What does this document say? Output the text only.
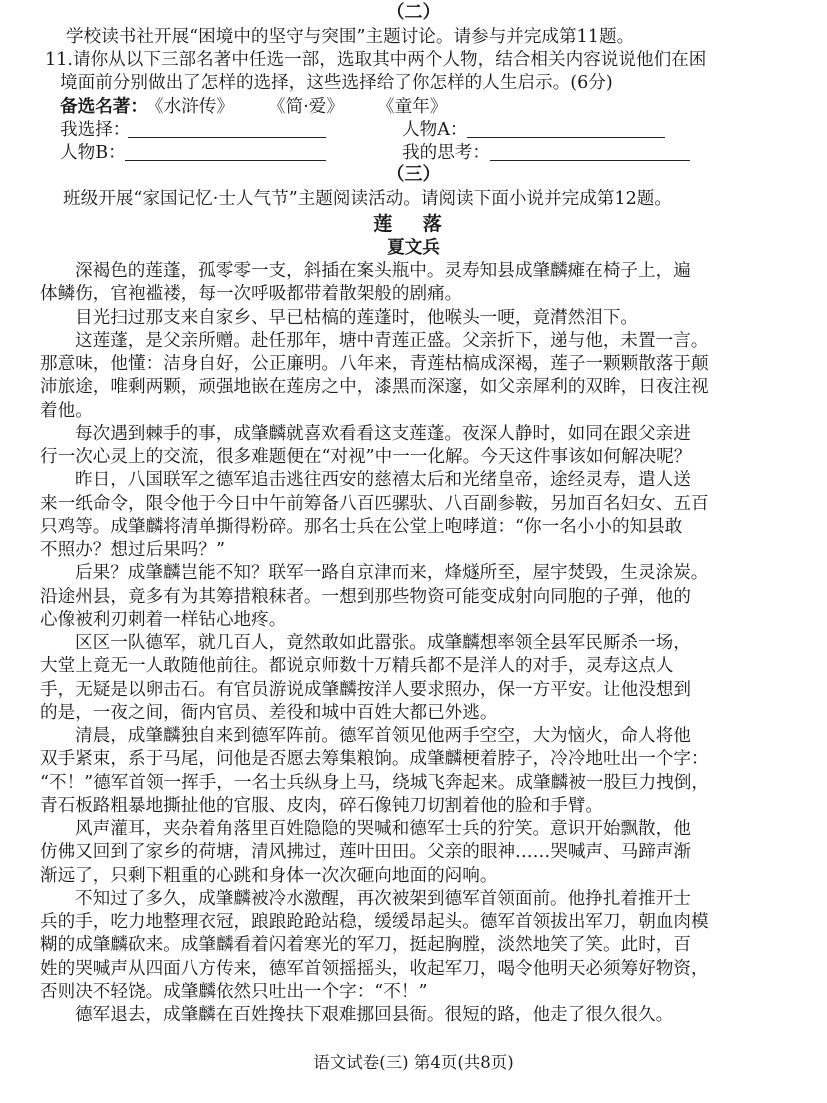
（二）
学校读书社开展“困境中的坚守与突围”主题讨论。请参与并完成第11题。
11.请你从以下三部名著中任选一部，选取其中两个人物，结合相关内容说说他们在困
境面前分别做出了怎样的选择，这些选择给了你怎样的人生启示。(6分)
备选名著：
《水浒传》 《简·爱》 《童年》
我选择：	人物A：
人物B：	我的思考：
（三）
班级开展“家国记忆·士人气节”主题阅读活动。请阅读下面小说并完成第12题。
莲 落
夏文兵
深褐色的莲蓬，孤零零一支，斜插在案头瓶中。灵寿知县成肇麟瘫在椅子上，遍
体鳞伤，官袍褴褛，每一次呼吸都带着散架般的剧痛。
目光扫过那支来自家乡、早已枯槁的莲蓬时，他喉头一哽，竟潸然泪下。
这莲蓬，是父亲所赠。赴任那年，塘中青莲正盛。父亲折下，递与他，未置一言。
那意味，他懂：洁身自好，公正廉明。八年来，青莲枯槁成深褐，莲子一颗颗散落于颠
沛旅途，唯剩两颗，顽强地嵌在莲房之中，漆黑而深邃，如父亲犀利的双眸，日夜注视
着他。
每次遇到棘手的事，成肇麟就喜欢看看这支莲蓬。夜深人静时，如同在跟父亲进
行一次心灵上的交流，很多难题便在“对视”中一一化解。今天这件事该如何解决呢？
昨日，八国联军之德军追击逃往西安的慈禧太后和光绪皇帝，途经灵寿，遣人送
来一纸命令，限令他于今日中午前筹备八百匹骡驮、八百副参鞍，另加百名妇女、五百
只鸡等。成肇麟将清单撕得粉碎。那名士兵在公堂上咆哮道：“你一名小小的知县敢
不照办？想过后果吗？”
后果？成肇麟岂能不知？联军一路自京津而来，烽燧所至，屋宇焚毁，生灵涂炭。
沿途州县，竟多有为其筹措粮秣者。一想到那些物资可能变成射向同胞的子弹，他的
心像被利刃刺着一样钻心地疼。
区区一队德军，就几百人，竟然敢如此嚣张。成肇麟想率领全县军民厮杀一场，
大堂上竟无一人敢随他前往。都说京师数十万精兵都不是洋人的对手，灵寿这点人
手，无疑是以卵击石。有官员游说成肇麟按洋人要求照办，保一方平安。让他没想到
的是，一夜之间，衙内官员、差役和城中百姓大都已外逃。
清晨，成肇麟独自来到德军阵前。德军首领见他两手空空，大为恼火，命人将他
双手紧束，系于马尾，问他是否愿去筹集粮饷。成肇麟梗着脖子，冷冷地吐出一个字：
“不！”德军首领一挥手，一名士兵纵身上马，绕城飞奔起来。成肇麟被一股巨力拽倒，
青石板路粗暴地撕扯他的官服、皮肉，碎石像钝刀切割着他的脸和手臂。
风声灌耳，夹杂着角落里百姓隐隐的哭喊和德军士兵的狞笑。意识开始飘散，他
仿佛又回到了家乡的荷塘，清风拂过，莲叶田田。父亲的眼神……哭喊声、马蹄声渐
渐远了，只剩下粗重的心跳和身体一次次砸向地面的闷响。
不知过了多久，成肇麟被冷水激醒，再次被架到德军首领面前。他挣扎着推开士
兵的手，吃力地整理衣冠，踉踉跄跄站稳，缓缓昂起头。德军首领拔出军刀，朝血肉模
糊的成肇麟砍来。成肇麟看着闪着寒光的军刀，挺起胸膛，淡然地笑了笑。此时，百
姓的哭喊声从四面八方传来，德军首领摇摇头，收起军刀，喝令他明天必须筹好物资，
否则决不轻饶。成肇麟依然只吐出一个字：“不！”
德军退去，成肇麟在百姓搀扶下艰难挪回县衙。很短的路，他走了很久很久。
语文试卷(三) 第4页(共8页)
